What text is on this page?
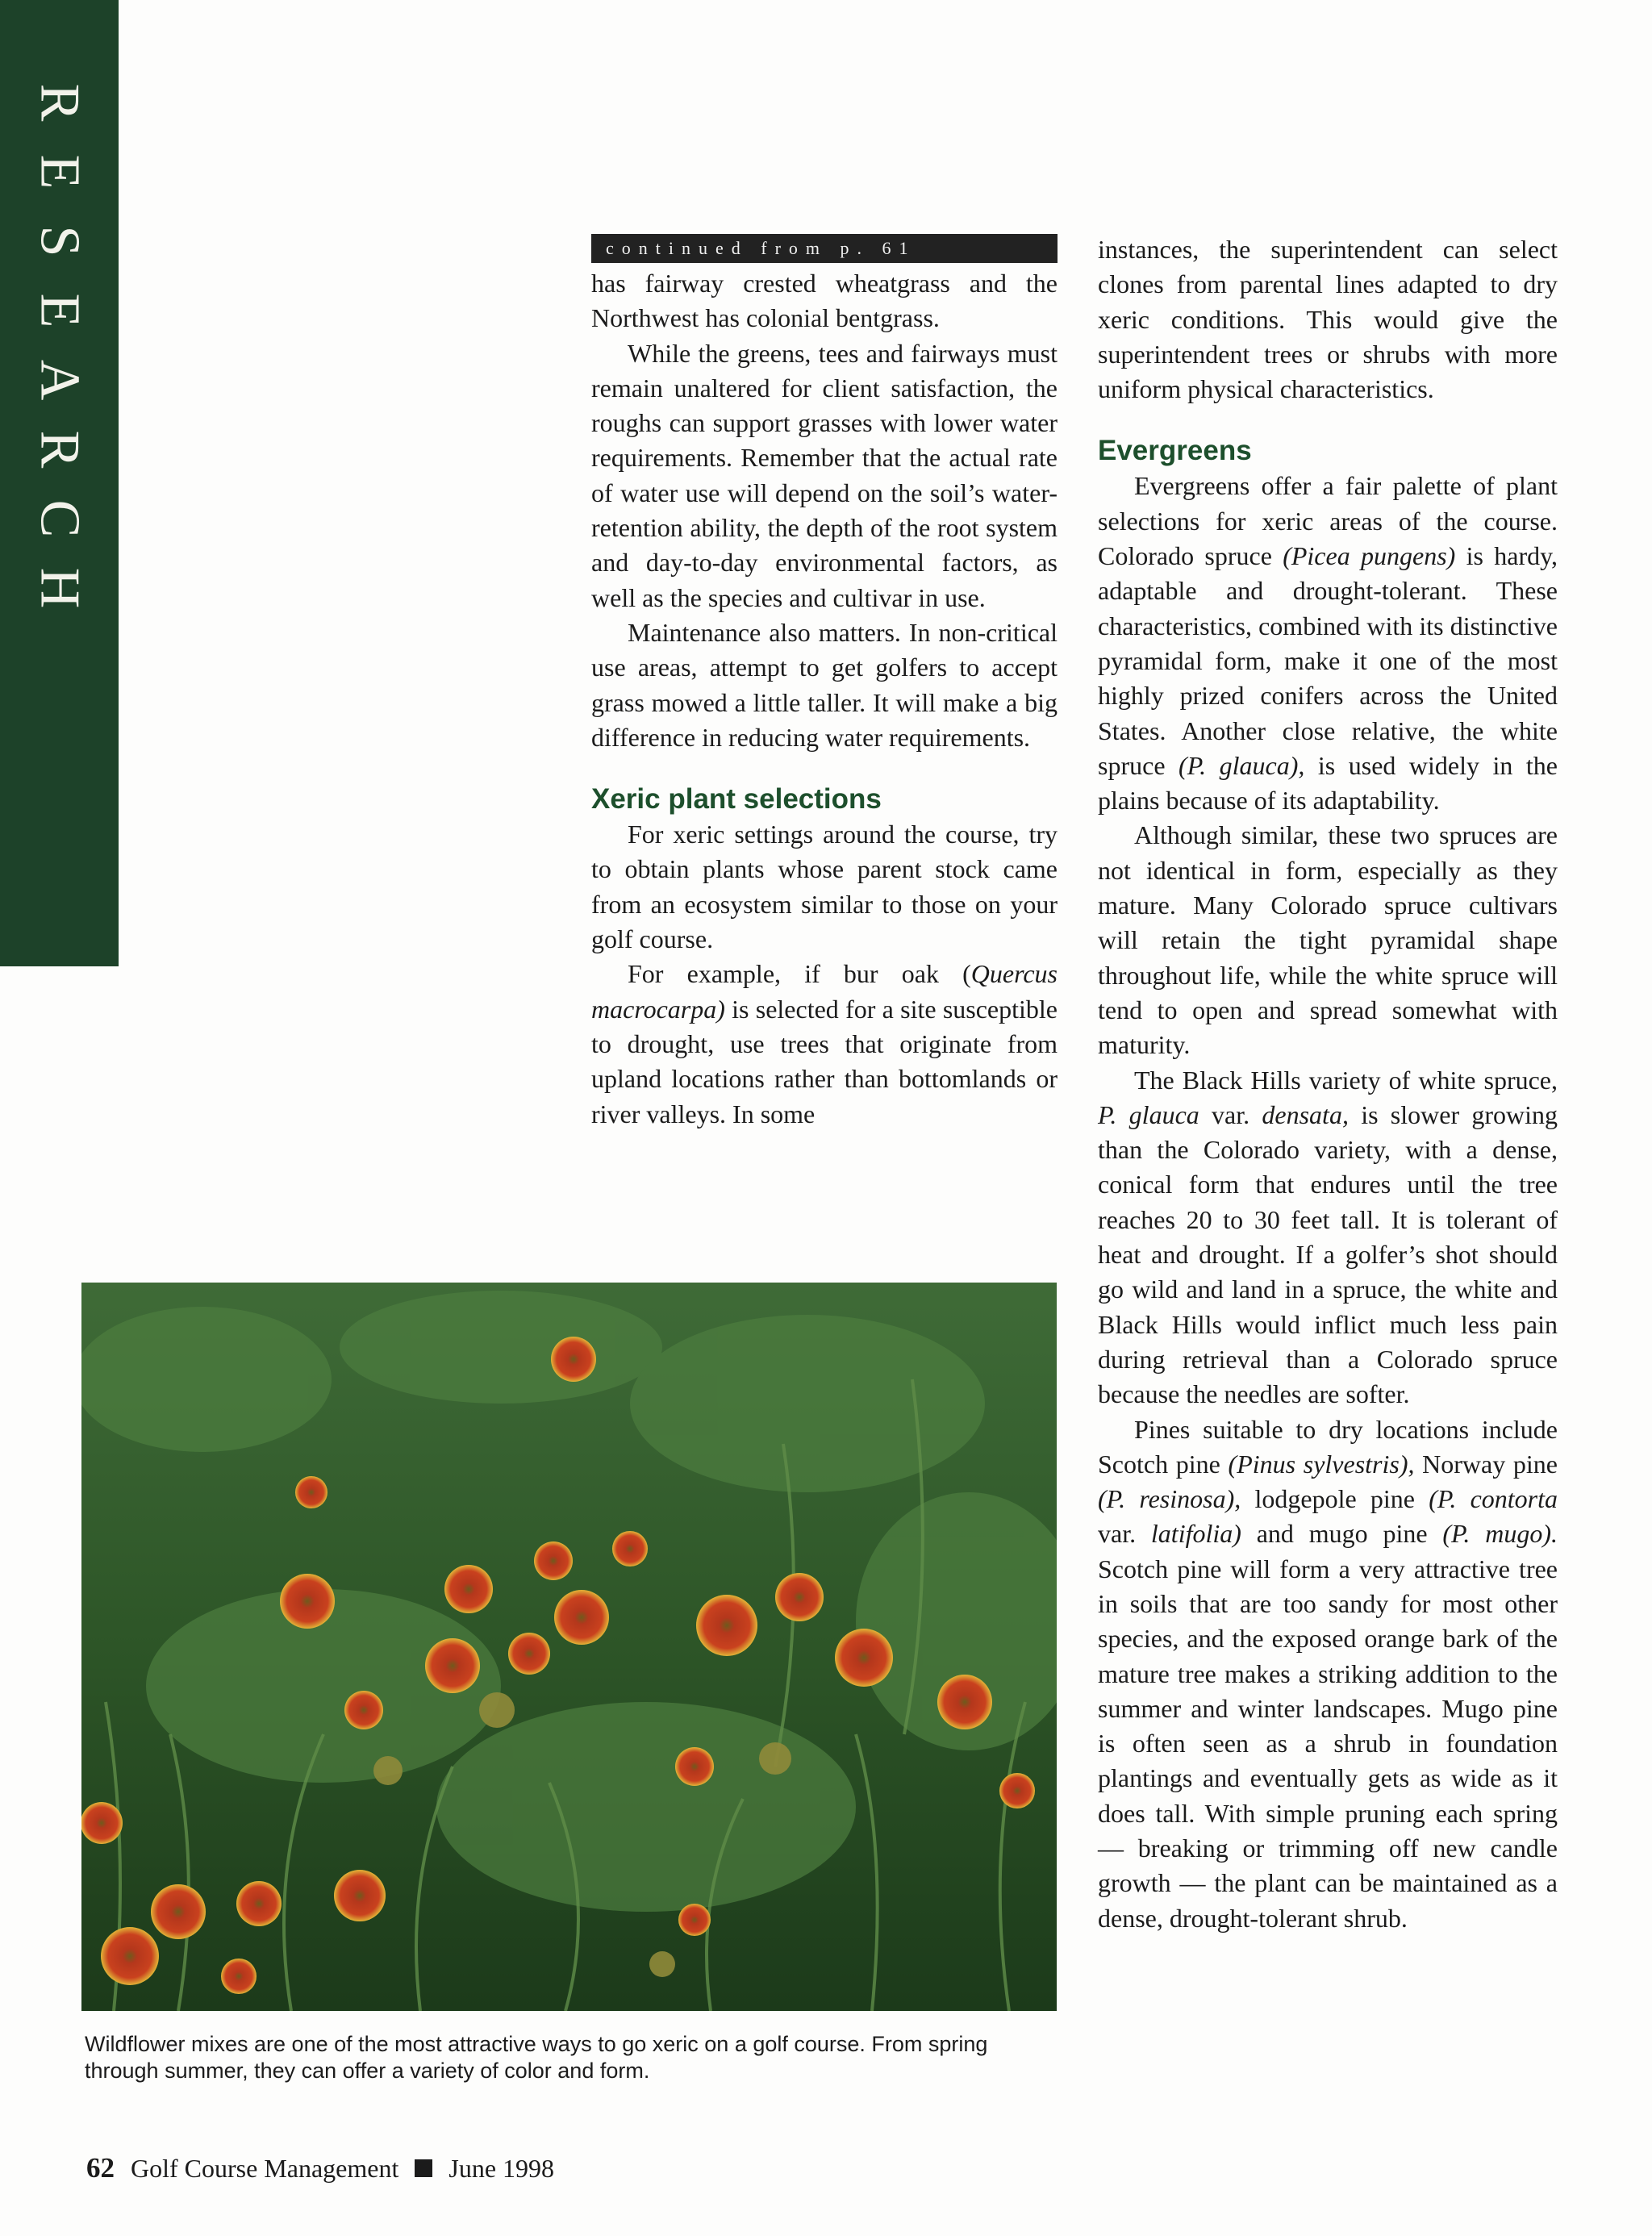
R
E
S
E
A
R
C
H
continued from p. 61

has fairway crested wheatgrass and the Northwest has colonial bentgrass.

While the greens, tees and fairways must remain unaltered for client satisfaction, the roughs can support grasses with lower water requirements. Remember that the actual rate of water use will depend on the soil’s water-retention ability, the depth of the root system and day-to-day environmental factors, as well as the species and cultivar in use.

Maintenance also matters. In non-critical use areas, attempt to get golfers to accept grass mowed a little taller. It will make a big difference in reducing water requirements.

Xeric plant selections

For xeric settings around the course, try to obtain plants whose parent stock came from an ecosystem similar to those on your golf course.

For example, if bur oak (Quercus macrocarpa) is selected for a site susceptible to drought, use trees that originate from upland locations rather than bottomlands or river valleys. In some

instances, the superintendent can select clones from parental lines adapted to dry xeric conditions. This would give the superintendent trees or shrubs with more uniform physical characteristics.

Evergreens

Evergreens offer a fair palette of plant selections for xeric areas of the course. Colorado spruce (Picea pungens) is hardy, adaptable and drought-tolerant. These characteristics, combined with its distinctive pyramidal form, make it one of the most highly prized conifers across the United States. Another close relative, the white spruce (P. glauca), is used widely in the plains because of its adaptability.

Although similar, these two spruces are not identical in form, especially as they mature. Many Colorado spruce cultivars will retain the tight pyramidal shape throughout life, while the white spruce will tend to open and spread somewhat with maturity.

The Black Hills variety of white spruce, P. glauca var. densata, is slower growing than the Colorado variety, with a dense, conical form that endures until the tree reaches 20 to 30 feet tall. It is tolerant of heat and drought. If a golfer’s shot should go wild and land in a spruce, the white and Black Hills would inflict much less pain during retrieval than a Colorado spruce because the needles are softer.

Pines suitable to dry locations include Scotch pine (Pinus sylvestris), Norway pine (P. resinosa), lodgepole pine (P. contorta var. latifolia) and mugo pine (P. mugo). Scotch pine will form a very attractive tree in soils that are too sandy for most other species, and the exposed orange bark of the mature tree makes a striking addition to the summer and winter landscapes. Mugo pine is often seen as a shrub in foundation plantings and eventually gets as wide as it does tall. With simple pruning each spring — breaking or trimming off new candle growth — the plant can be maintained as a dense, drought-tolerant shrub.

Wildflower mixes are one of the most attractive ways to go xeric on a golf course. From spring through summer, they can offer a variety of color and form.
62 Golf Course Management June 1998
